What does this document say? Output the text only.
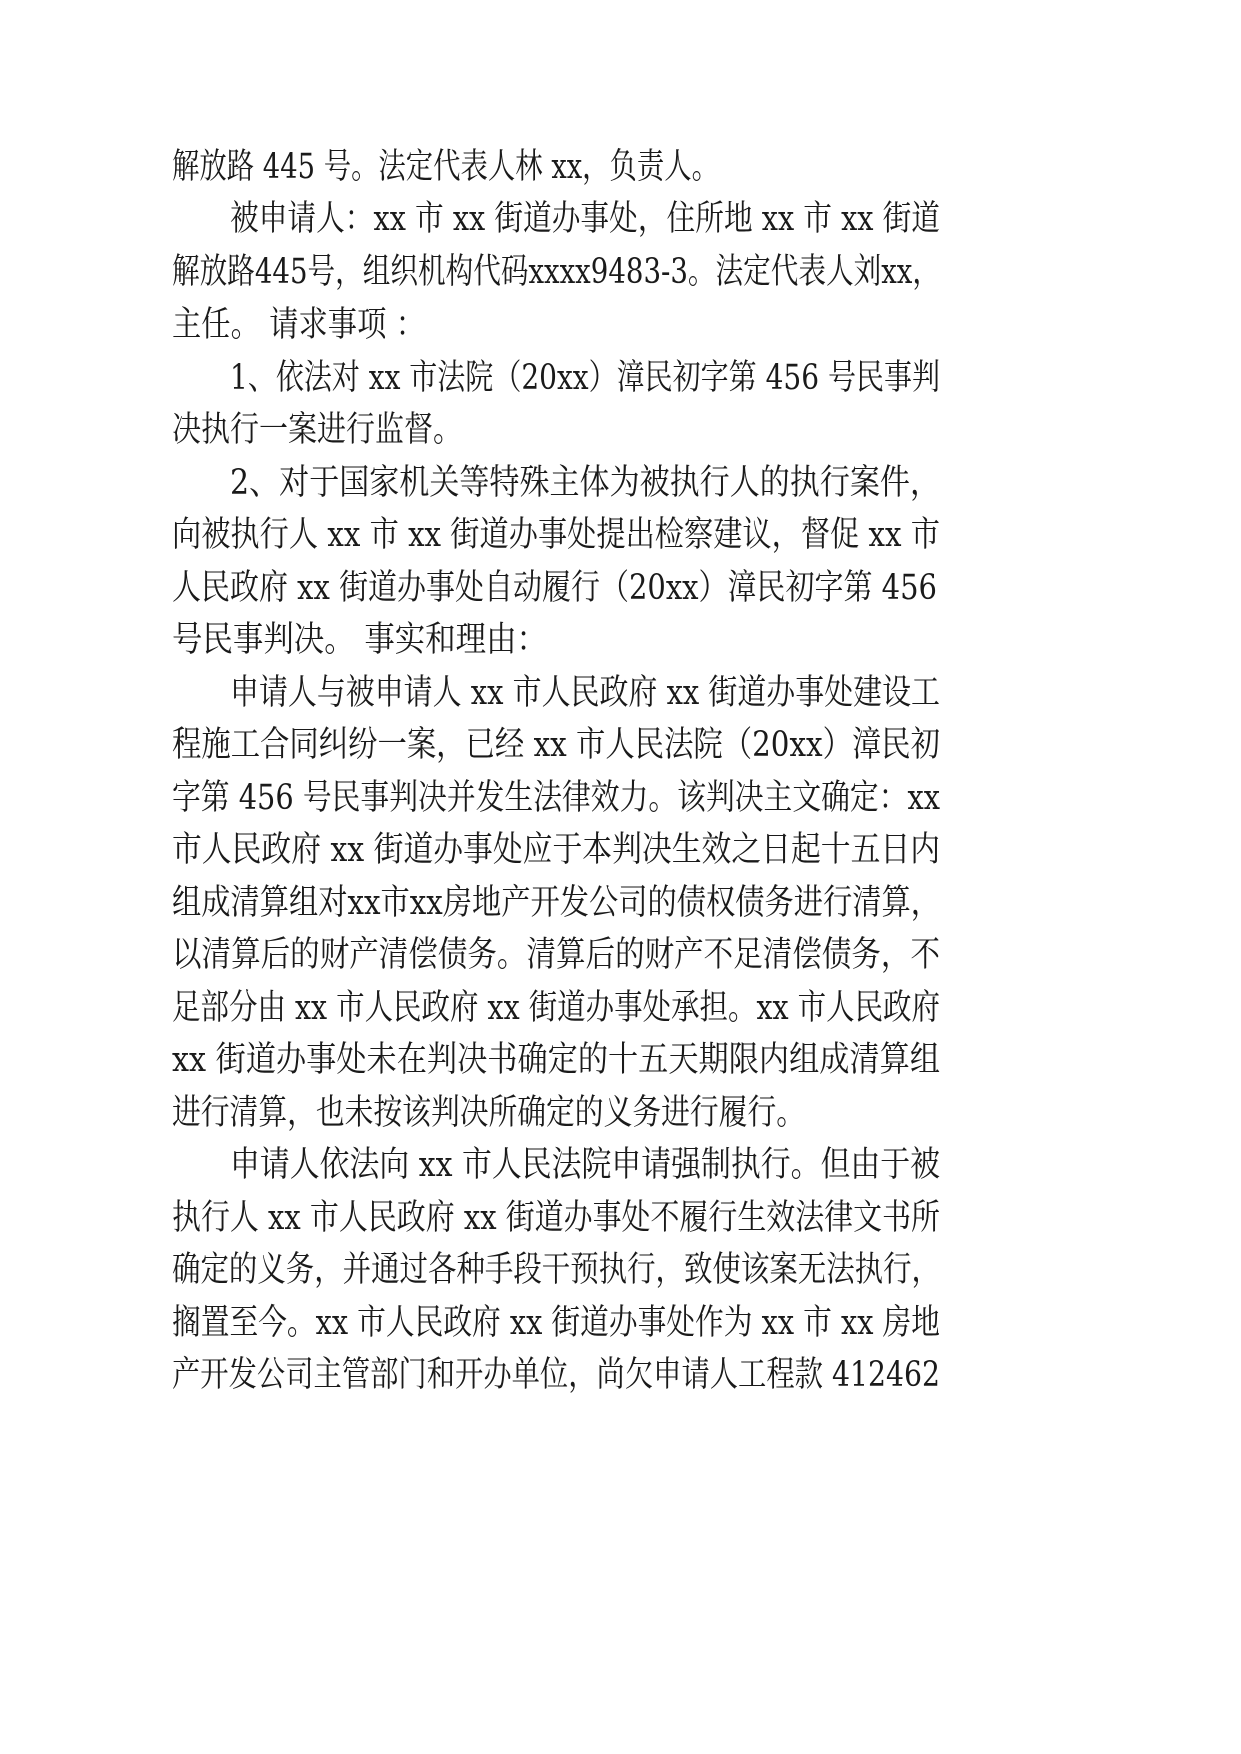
解放路 445 号。法定代表人林 xx，负责人。
被申请人：xx 市 xx 街道办事处，住所地 xx 市 xx 街道
解放路445号，组织机构代码xxxx9483-3。法定代表人刘xx，
主任。 请求事项 ：
1、依法对 xx 市法院（20xx）漳民初字第 456 号民事判
决执行一案进行监督。
2、对于国家机关等特殊主体为被执行人的执行案件，
向被执行人 xx 市 xx 街道办事处提出检察建议，督促 xx 市
人民政府 xx 街道办事处自动履行（20xx）漳民初字第 456
号民事判决。 事实和理由：
申请人与被申请人 xx 市人民政府 xx 街道办事处建设工
程施工合同纠纷一案，已经 xx 市人民法院（20xx）漳民初
字第 456 号民事判决并发生法律效力。该判决主文确定：xx
市人民政府 xx 街道办事处应于本判决生效之日起十五日内
组成清算组对xx市xx房地产开发公司的债权债务进行清算，
以清算后的财产清偿债务。清算后的财产不足清偿债务，不
足部分由 xx 市人民政府 xx 街道办事处承担。xx 市人民政府
xx 街道办事处未在判决书确定的十五天期限内组成清算组
进行清算，也未按该判决所确定的义务进行履行。
申请人依法向 xx 市人民法院申请强制执行。但由于被
执行人 xx 市人民政府 xx 街道办事处不履行生效法律文书所
确定的义务，并通过各种手段干预执行，致使该案无法执行，
搁置至今。xx 市人民政府 xx 街道办事处作为 xx 市 xx 房地
产开发公司主管部门和开办单位，尚欠申请人工程款 412462
